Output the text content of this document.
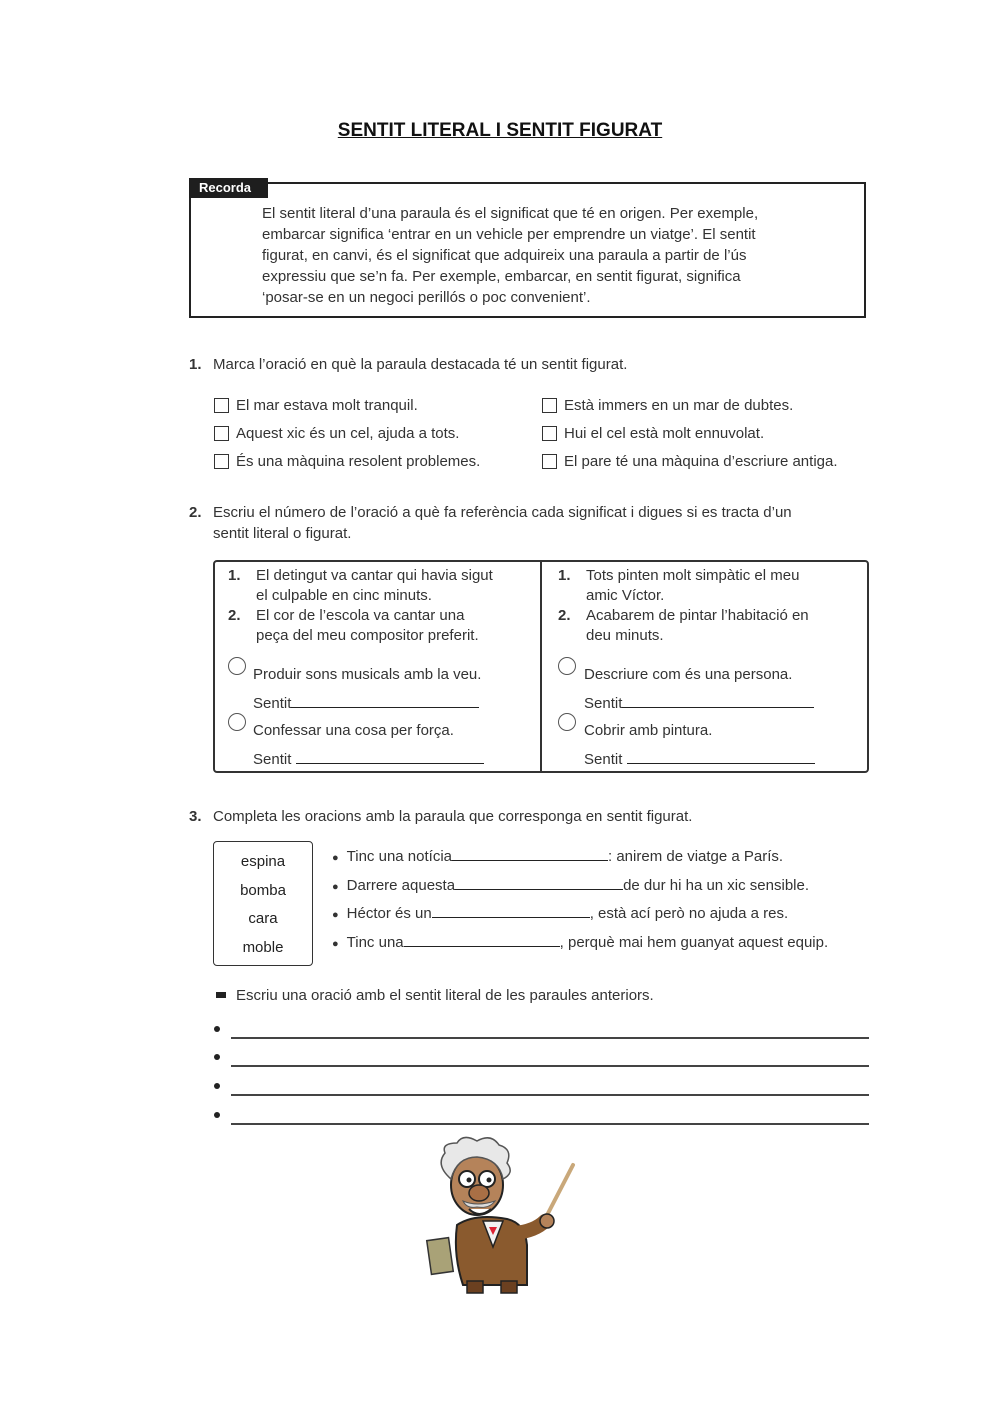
SENTIT LITERAL I SENTIT FIGURAT
Recorda
El sentit literal d’una paraula és el significat que té en origen. Per exemple,
embarcar significa ‘entrar en un vehicle per emprendre un viatge’. El sentit
figurat, en canvi, és el significat que adquireix una paraula a partir de l’ús
expressiu que se’n fa. Per exemple, embarcar, en sentit figurat, significa
‘posar-se en un negoci perillós o poc convenient’.
1. Marca l’oració en què la paraula destacada té un sentit figurat.
El mar estava molt tranquil.
Aquest xic és un cel, ajuda a tots.
És una màquina resolent problemes.
Està immers en un mar de dubtes.
Hui el cel està molt ennuvolat.
El pare té una màquina d’escriure antiga.
2. Escriu el número de l’oració a què fa referència cada significat i digues si es tracta d’un
sentit literal o figurat.
1. El detingut va cantar qui havia sigut
el culpable en cinc minuts.
2. El cor de l’escola va cantar una
peça del meu compositor preferit.
Produir sons musicals amb la veu.
Sentit
Confessar una cosa per força.
Sentit
1. Tots pinten molt simpàtic el meu
amic Víctor.
2. Acabarem de pintar l’habitació en
deu minuts.
Descriure com és una persona.
Sentit
Cobrir amb pintura.
Sentit
3. Completa les oracions amb la paraula que corresponga en sentit figurat.
espina
bomba
cara
moble
● Tinc una notícia	: anirem de viatge a París.
● Darrere aquesta	de dur hi ha un xic sensible.
● Héctor és un	, està ací però no ajuda a res.
● Tinc una	, perquè mai hem guanyat aquest equip.
Escriu una oració amb el sentit literal de les paraules anteriors.
